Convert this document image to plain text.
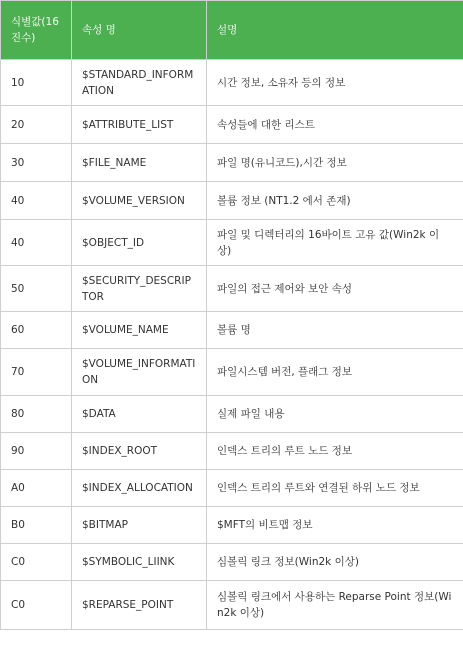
식별값(16진수)	속성 명	설명
10	$STANDARD_INFORMATION	시간 정보, 소유자 등의 정보
20	$ATTRIBUTE_LIST	속성들에 대한 리스트
30	$FILE_NAME	파일 명(유니코드),시간 정보
40	$VOLUME_VERSION	볼륨 정보 (NT1.2 에서 존재)
40	$OBJECT_ID	파일 및 디렉터리의 16바이트 고유 값(Win2k 이상)
50	$SECURITY_DESCRIPTOR	파일의 접근 제어와 보안 속성
60	$VOLUME_NAME	볼륨 명
70	$VOLUME_INFORMATION	파일시스템 버전, 플래그 정보
80	$DATA	실제 파일 내용
90	$INDEX_ROOT	인덱스 트리의 루트 노드 정보
A0	$INDEX_ALLOCATION	인덱스 트리의 루트와 연결된 하위 노드 정보
B0	$BITMAP	$MFT의 비트맵 정보
C0	$SYMBOLIC_LIINK	심볼릭 링크 정보(Win2k 이상)
C0	$REPARSE_POINT	심볼릭 링크에서 사용하는 Reparse Point 정보(Win2k 이상)
